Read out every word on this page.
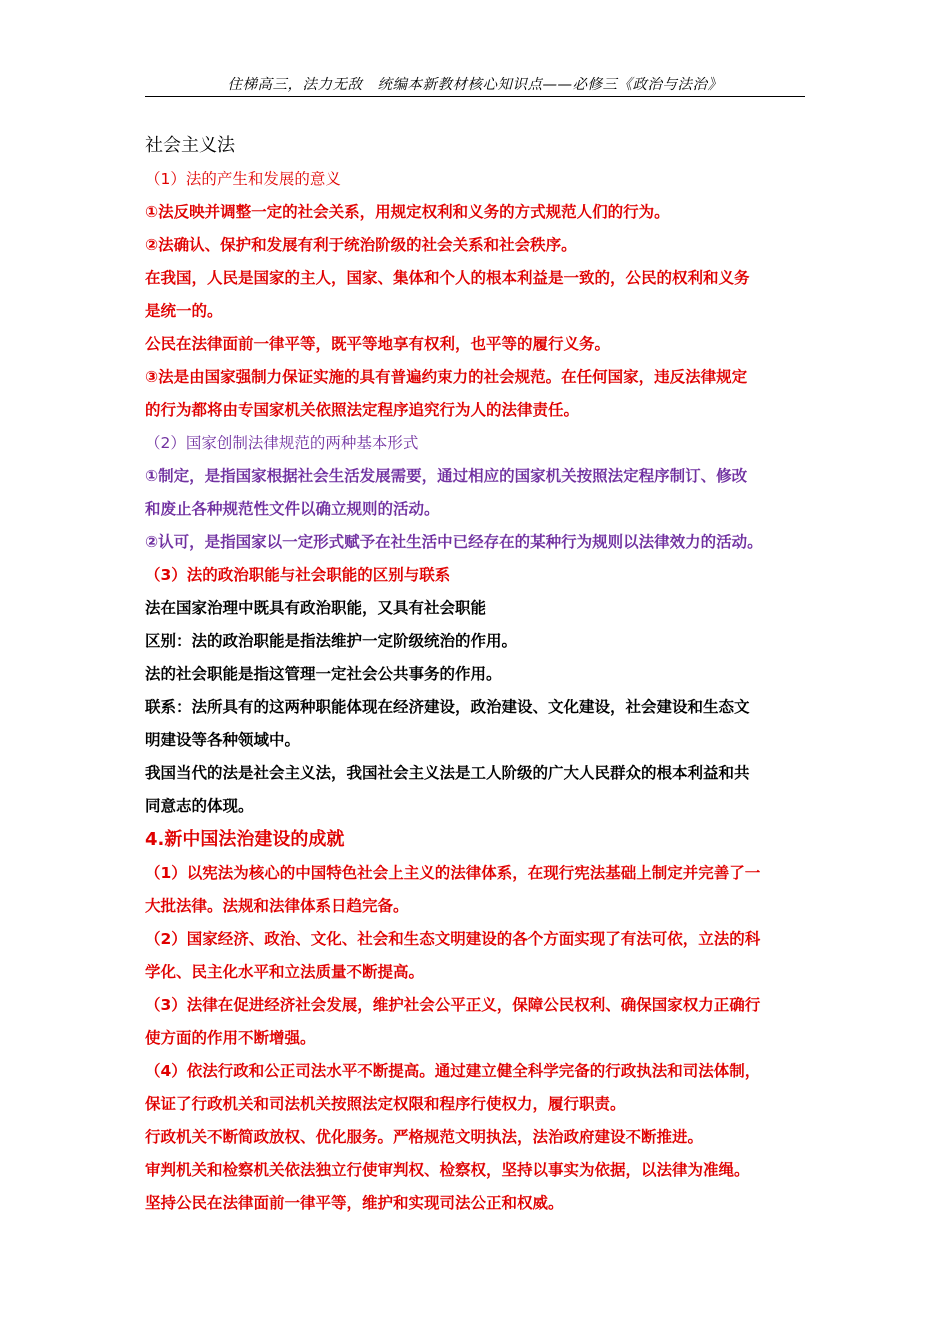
住梯高三，法力无敌　统编本新教材核心知识点——必修三《政治与法治》
社会主义法
（1）法的产生和发展的意义
①法反映并调整一定的社会关系，用规定权利和义务的方式规范人们的行为。
②法确认、保护和发展有利于统治阶级的社会关系和社会秩序。
在我国，人民是国家的主人，国家、集体和个人的根本利益是一致的，公民的权利和义务
是统一的。
公民在法律面前一律平等，既平等地享有权利，也平等的履行义务。
③法是由国家强制力保证实施的具有普遍约束力的社会规范。在任何国家，违反法律规定
的行为都将由专国家机关依照法定程序追究行为人的法律责任。
（2）国家创制法律规范的两种基本形式
①制定，是指国家根据社会生活发展需要，通过相应的国家机关按照法定程序制订、修改
和废止各种规范性文件以确立规则的活动。
②认可，是指国家以一定形式赋予在社生活中已经存在的某种行为规则以法律效力的活动。
（3）法的政治职能与社会职能的区别与联系
法在国家治理中既具有政治职能，又具有社会职能
区别：法的政治职能是指法维护一定阶级统治的作用。
法的社会职能是指这管理一定社会公共事务的作用。
联系：法所具有的这两种职能体现在经济建设，政治建设、文化建设，社会建设和生态文
明建设等各种领域中。
我国当代的法是社会主义法，我国社会主义法是工人阶级的广大人民群众的根本利益和共
同意志的体现。
4.新中国法治建设的成就
（1）以宪法为核心的中国特色社会上主义的法律体系，在现行宪法基础上制定并完善了一
大批法律。法规和法律体系日趋完备。
（2）国家经济、政治、文化、社会和生态文明建设的各个方面实现了有法可依，立法的科
学化、民主化水平和立法质量不断提高。
（3）法律在促进经济社会发展，维护社会公平正义，保障公民权利、确保国家权力正确行
使方面的作用不断增强。
（4）依法行政和公正司法水平不断提高。通过建立健全科学完备的行政执法和司法体制，
保证了行政机关和司法机关按照法定权限和程序行使权力，履行职责。
行政机关不断简政放权、优化服务。严格规范文明执法，法治政府建设不断推进。
审判机关和检察机关依法独立行使审判权、检察权，坚持以事实为依据，以法律为准绳。
坚持公民在法律面前一律平等，维护和实现司法公正和权威。
